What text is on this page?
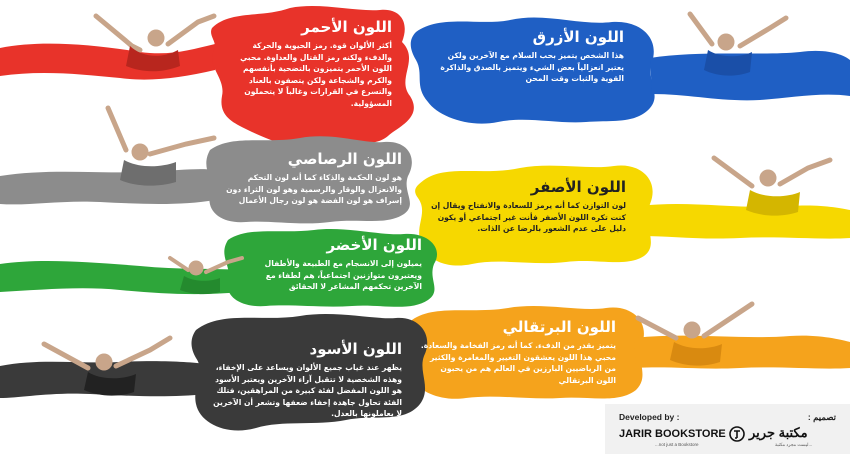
اللون الأحمر
أكثر الألوان قوة. رمز الحيوية والحركة والدفء ولكنه رمز القتال والعداوة. محبي اللون الأحمر يتميزون بالتضحية بأنفسهم والكرم والشجاعة ولكن يتصفون بالعناد والتسرع في القرارات وغالباً لا يتحملون المسؤولية.
اللون الأزرق
هذا الشخص يتميز بحب السلام مع الآخرين ولكن يعتبر انعزالياً بعض الشيء ويتميز بالصدق والذاكرة القوية والثبات وقت المحن
اللون الرصاصي
هو لون الحكمة والذكاء كما أنه لون التحكم والانعزال والوقار والرسمية وهو لون الثراء دون إسراف هو لون الفضة هو لون رجال الأعمال
اللون الأصفر
لون التوازن كما أنه يرمز للسعادة والانفتاح ويقال إن كنت تكره اللون الأصفر فأنت غير اجتماعي أو يكون دليل على عدم الشعور بالرضا عن الذات.
اللون الأخضر
يميلون إلى الانسجام مع الطبيعة والأطفال ويعتبرون متوازنين اجتماعياً، هم لطفاء مع الآخرين تحكمهم المشاعر لا الحقائق
اللون البرتقالي
يتميز بقدر من الدفء. كما أنه رمز الفخامة والسعادة. محبي هذا اللون يعشقون التغيير والمغامرة والكثير من الرياضيين البارزين في العالم هم من يحبون اللون البرتقالي
اللون الأسود
يظهر عند غياب جميع الألوان ويساعد على الإخفاء، وهذه الشخصية لا تتقبل آراء الآخرين ويعتبر الأسود هو اللون المفضل لفئة كبيرة من المراهقين، فتلك الفئة تحاول جاهدة إخفاء ضعفها وتشعر أن الآخرين لا يعاملونها بالعدل.	Developed by :
JARIR BOOKSTORE
...not just a Bookstore
تصميم :
مكتبة جرير
...ليست مجرد مكتبة
